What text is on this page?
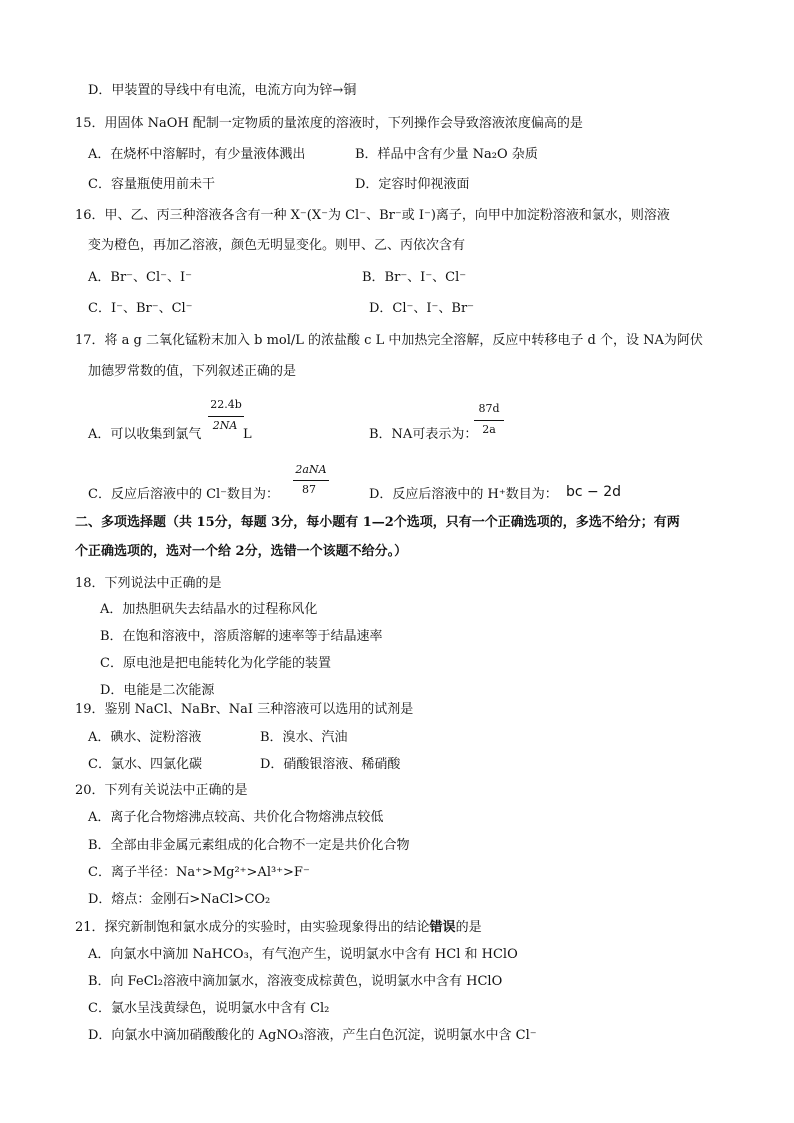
D．甲装置的导线中有电流，电流方向为锌→铜
15．用固体 NaOH 配制一定物质的量浓度的溶液时，下列操作会导致溶液浓度偏高的是
A．在烧杯中溶解时，有少量液体溅出	B．样品中含有少量 Na₂O 杂质
C．容量瓶使用前未干	D．定容时仰视液面
16．甲、乙、丙三种溶液各含有一种 X⁻(X⁻为 Cl⁻、Br⁻或 I⁻)离子，向甲中加淀粉溶液和氯水，则溶液
变为橙色，再加乙溶液，颜色无明显变化。则甲、乙、丙依次含有
A．Br⁻、Cl⁻、I⁻	B．Br⁻、I⁻、Cl⁻
C．I⁻、Br⁻、Cl⁻	D．Cl⁻、I⁻、Br⁻
17．将 a g 二氧化锰粉末加入 b mol/L 的浓盐酸 c L 中加热完全溶解，反应中转移电子 d 个，设 NA为阿伏
加德罗常数的值，下列叙述正确的是
A．可以收集到氯气
22.4b
2NA
L	B．NA可表示为：
87d
2a
C．反应后溶液中的 Cl⁻数目为：
2aNA
87	D．反应后溶液中的 H⁺数目为： bc − 2d
二、多项选择题（共 15分，每题 3分，每小题有 1—2个选项，只有一个正确选项的，多选不给分；有两
个正确选项的，选对一个给 2分，选错一个该题不给分。）
18．下列说法中正确的是
A．加热胆矾失去结晶水的过程称风化
B．在饱和溶液中，溶质溶解的速率等于结晶速率
C．原电池是把电能转化为化学能的装置
D．电能是二次能源
19．鉴别 NaCl、NaBr、NaI 三种溶液可以选用的试剂是
A．碘水、淀粉溶液	B．溴水、汽油
C．氯水、四氯化碳	D．硝酸银溶液、稀硝酸
20．下列有关说法中正确的是
A．离子化合物熔沸点较高、共价化合物熔沸点较低
B．全部由非金属元素组成的化合物不一定是共价化合物
C．离子半径：Na⁺>Mg²⁺>Al³⁺>F⁻
D．熔点：金刚石>NaCl>CO₂
21．探究新制饱和氯水成分的实验时，由实验现象得出的结论错误的是
A．向氯水中滴加 NaHCO₃，有气泡产生，说明氯水中含有 HCl 和 HClO
B．向 FeCl₂溶液中滴加氯水，溶液变成棕黄色，说明氯水中含有 HClO
C．氯水呈浅黄绿色，说明氯水中含有 Cl₂
D．向氯水中滴加硝酸酸化的 AgNO₃溶液，产生白色沉淀，说明氯水中含 Cl⁻
